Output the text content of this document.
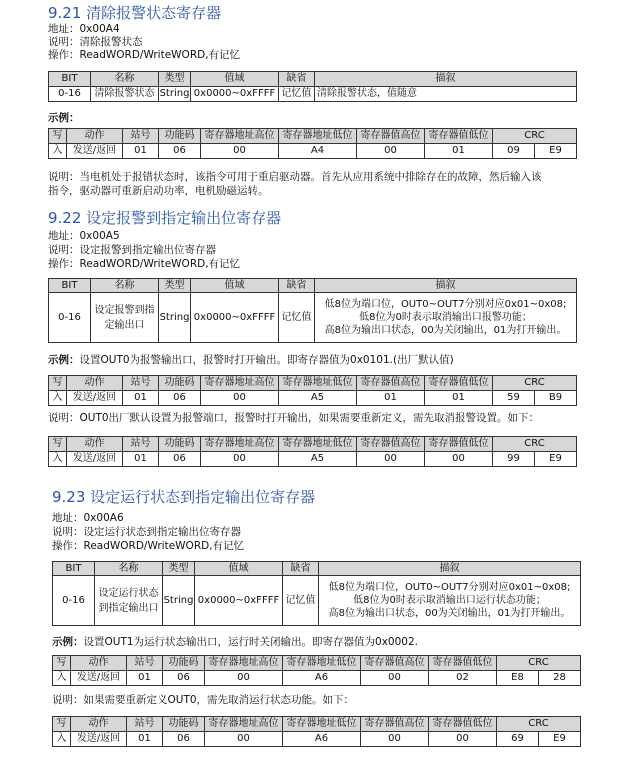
9.21 清除报警状态寄存器
地址：0x00A4
说明：清除报警状态
操作：ReadWORD/WriteWORD,有记忆
BIT	名称	类型	值域	缺省	描叙
0-16	清除报警状态	String	0x0000~0xFFFF	记忆值	清除报警状态，值随意
示例：
写	动作	站号	功能码	寄存器地址高位	寄存器地址低位	寄存器值高位	寄存器值低位	CRC	
入	发送/返回	01	06	00	A4	00	01	09	E9
说明：当电机处于报错状态时，该指令可用于重启驱动器。首先从应用系统中排除存在的故障，然后输入该
指令，驱动器可重新启动功率，电机励磁运转。
9.22 设定报警到指定输出位寄存器
地址：0x00A5
说明：设定报警到指定输出位寄存器
操作：ReadWORD/WriteWORD,有记忆
BIT	名称	类型	值域	缺省	描叙
0-16	设定报警到指定输出口	String	0x0000~0xFFFF	记忆值	低8位为端口位，OUT0~OUT7分别对应0x01~0x08;
低8位为0时表示取消输出口报警功能；
高8位为输出口状态，00为关闭输出，01为打开输出。
示例：设置OUT0为报警输出口，报警时打开输出。即寄存器值为0x0101.(出厂默认值)
写	动作	站号	功能码	寄存器地址高位	寄存器地址低位	寄存器值高位	寄存器值低位	CRC	
入	发送/返回	01	06	00	A5	01	01	59	B9
说明：OUT0出厂默认设置为报警端口，报警时打开输出，如果需要重新定义，需先取消报警设置。如下：
写	动作	站号	功能码	寄存器地址高位	寄存器地址低位	寄存器值高位	寄存器值低位	CRC	
入	发送/返回	01	06	00	A5	00	00	99	E9
9.23 设定运行状态到指定输出位寄存器
地址：0x00A6
说明：设定运行状态到指定输出位寄存器
操作：ReadWORD/WriteWORD,有记忆
BIT	名称	类型	值域	缺省	描叙
0-16	设定运行状态到指定输出口	String	0x0000~0xFFFF	记忆值	低8位为端口位，OUT0~OUT7分别对应0x01~0x08;
低8位为0时表示取消输出口运行状态功能；
高8位为输出口状态，00为关闭输出，01为打开输出。
示例：设置OUT1为运行状态输出口，运行时关闭输出。即寄存器值为0x0002.
写	动作	站号	功能码	寄存器地址高位	寄存器地址低位	寄存器值高位	寄存器值低位	CRC	
入	发送/返回	01	06	00	A6	00	02	E8	28
说明：如果需要重新定义OUT0，需先取消运行状态功能。如下：
写	动作	站号	功能码	寄存器地址高位	寄存器地址低位	寄存器值高位	寄存器值低位	CRC	
入	发送/返回	01	06	00	A6	00	00	69	E9
